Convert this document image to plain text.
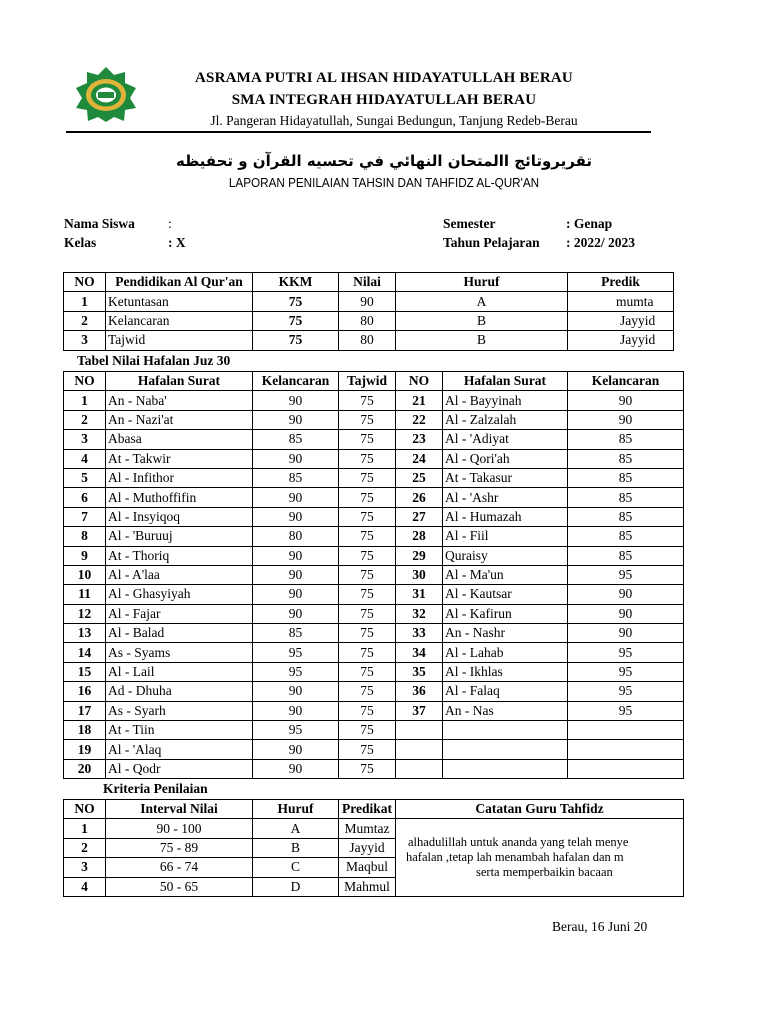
ASRAMA PUTRI AL IHSAN HIDAYATULLAH BERAU
SMA INTEGRAH HIDAYATULLAH BERAU
Jl. Pangeran Hidayatullah, Sungai Bedungun, Tanjung Redeb-Berau
تقريروتائج االمتحان النهائي في تحسيه القرآن و تحفيظه
LAPORAN PENILAIAN TAHSIN DAN TAHFIDZ AL-QUR'AN
Nama Siswa :
Kelas	: X
Semester	: Genap
Tahun Pelajaran : 2022/ 2023
NO	Pendidikan Al Qur'an	KKM	Nilai	Huruf	Predik
1	Ketuntasan	75	90	A	mumta
2	Kelancaran	75	80	B	Jayyid
3	Tajwid	75	80	B	Jayyid
Tabel Nilai Hafalan Juz 30
NO	Hafalan Surat	Kelancaran	Tajwid	NO	Hafalan Surat	Kelancaran
1	An - Naba'	90	75	21	Al - Bayyinah	90
2	An - Nazi'at	90	75	22	Al - Zalzalah	90
3	Abasa	85	75	23	Al - 'Adiyat	85
4	At - Takwir	90	75	24	Al - Qori'ah	85
5	Al - Infithor	85	75	25	At - Takasur	85
6	Al - Muthoffifin	90	75	26	Al - 'Ashr	85
7	Al - Insyiqoq	90	75	27	Al - Humazah	85
8	Al - 'Buruuj	80	75	28	Al - Fiil	85
9	At - Thoriq	90	75	29	Quraisy	85
10	Al - A'laa	90	75	30	Al - Ma'un	95
11	Al - Ghasyiyah	90	75	31	Al - Kautsar	90
12	Al - Fajar	90	75	32	Al - Kafirun	90
13	Al - Balad	85	75	33	An - Nashr	90
14	As - Syams	95	75	34	Al - Lahab	95
15	Al - Lail	95	75	35	Al - Ikhlas	95
16	Ad - Dhuha	90	75	36	Al - Falaq	95
17	As - Syarh	90	75	37	An - Nas	95
18	At - Tiin	95	75			
19	Al - 'Alaq	90	75			
20	Al - Qodr	90	75			
Kriteria Penilaian
NO	Interval Nilai	Huruf	Predikat	Catatan Guru Tahfidz
1	90 - 100	A	Mumtaz	alhadulillah untuk ananda yang telah menye
hafalan ,tetap lah menambah hafalan dan m
serta memperbaikin bacaan

2	75 - 89	B	Jayyid	
3	66 - 74	C	Maqbul	
4	50 - 65	D	Mahmul	
Berau, 16 Juni 20
